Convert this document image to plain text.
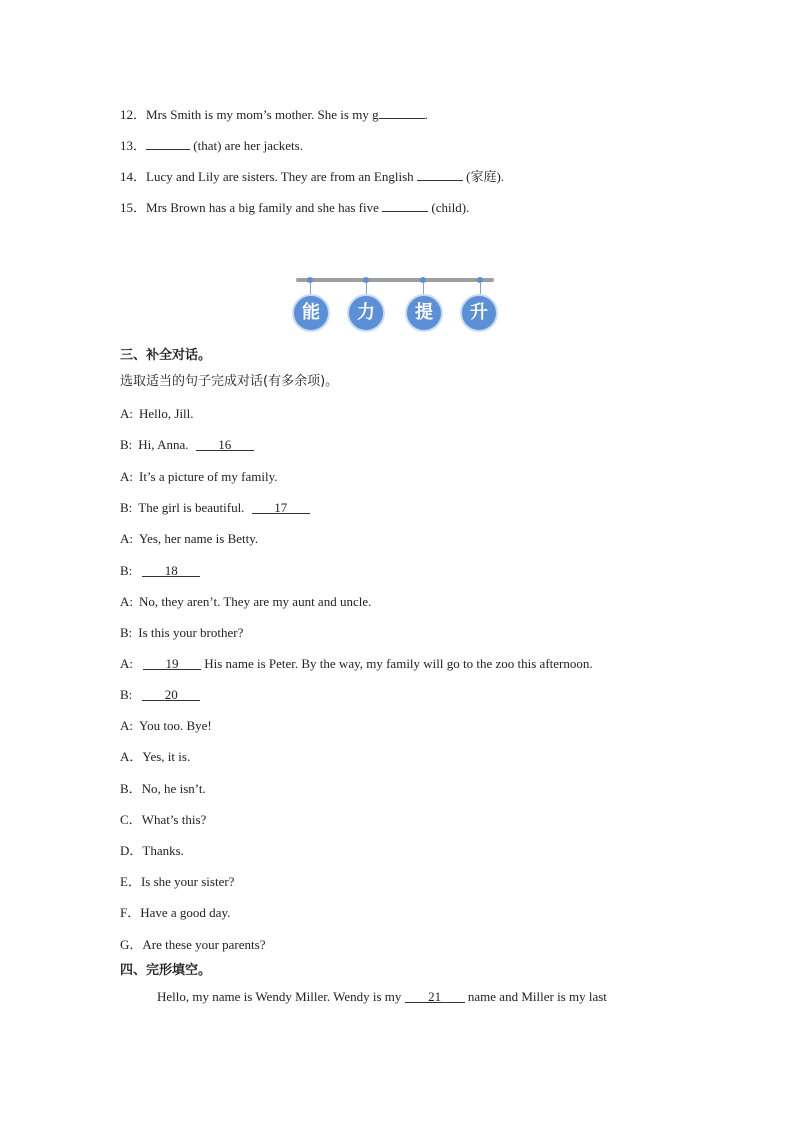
12．Mrs Smith is my mom’s mother. She is my g	.
13．	(that) are her jackets.
14．Lucy and Lily are sisters. They are from an English	(家庭).
15．Mrs Brown has a big family and she has five	(child).
能	力	提	升
三、补全对话。
选取适当的句子完成对话(有多余项)。
A: Hello, Jill.
B: Hi, Anna. 16
A: It’s a picture of my family.
B: The girl is beautiful. 17
A: Yes, her name is Betty.
B:	18
A: No, they aren’t. They are my aunt and uncle.
B: Is this your brother?
A:	19 His name is Peter. By the way, my family will go to the zoo this afternoon.
B:	20
A: You too. Bye!
A．Yes, it is.
B．No, he isn’t.
C．What’s this?
D．Thanks.
E．Is she your sister?
F．Have a good day.
G．Are these your parents?
四、完形填空。
Hello, my name is Wendy Miller. Wendy is my 21 name and Miller is my last
